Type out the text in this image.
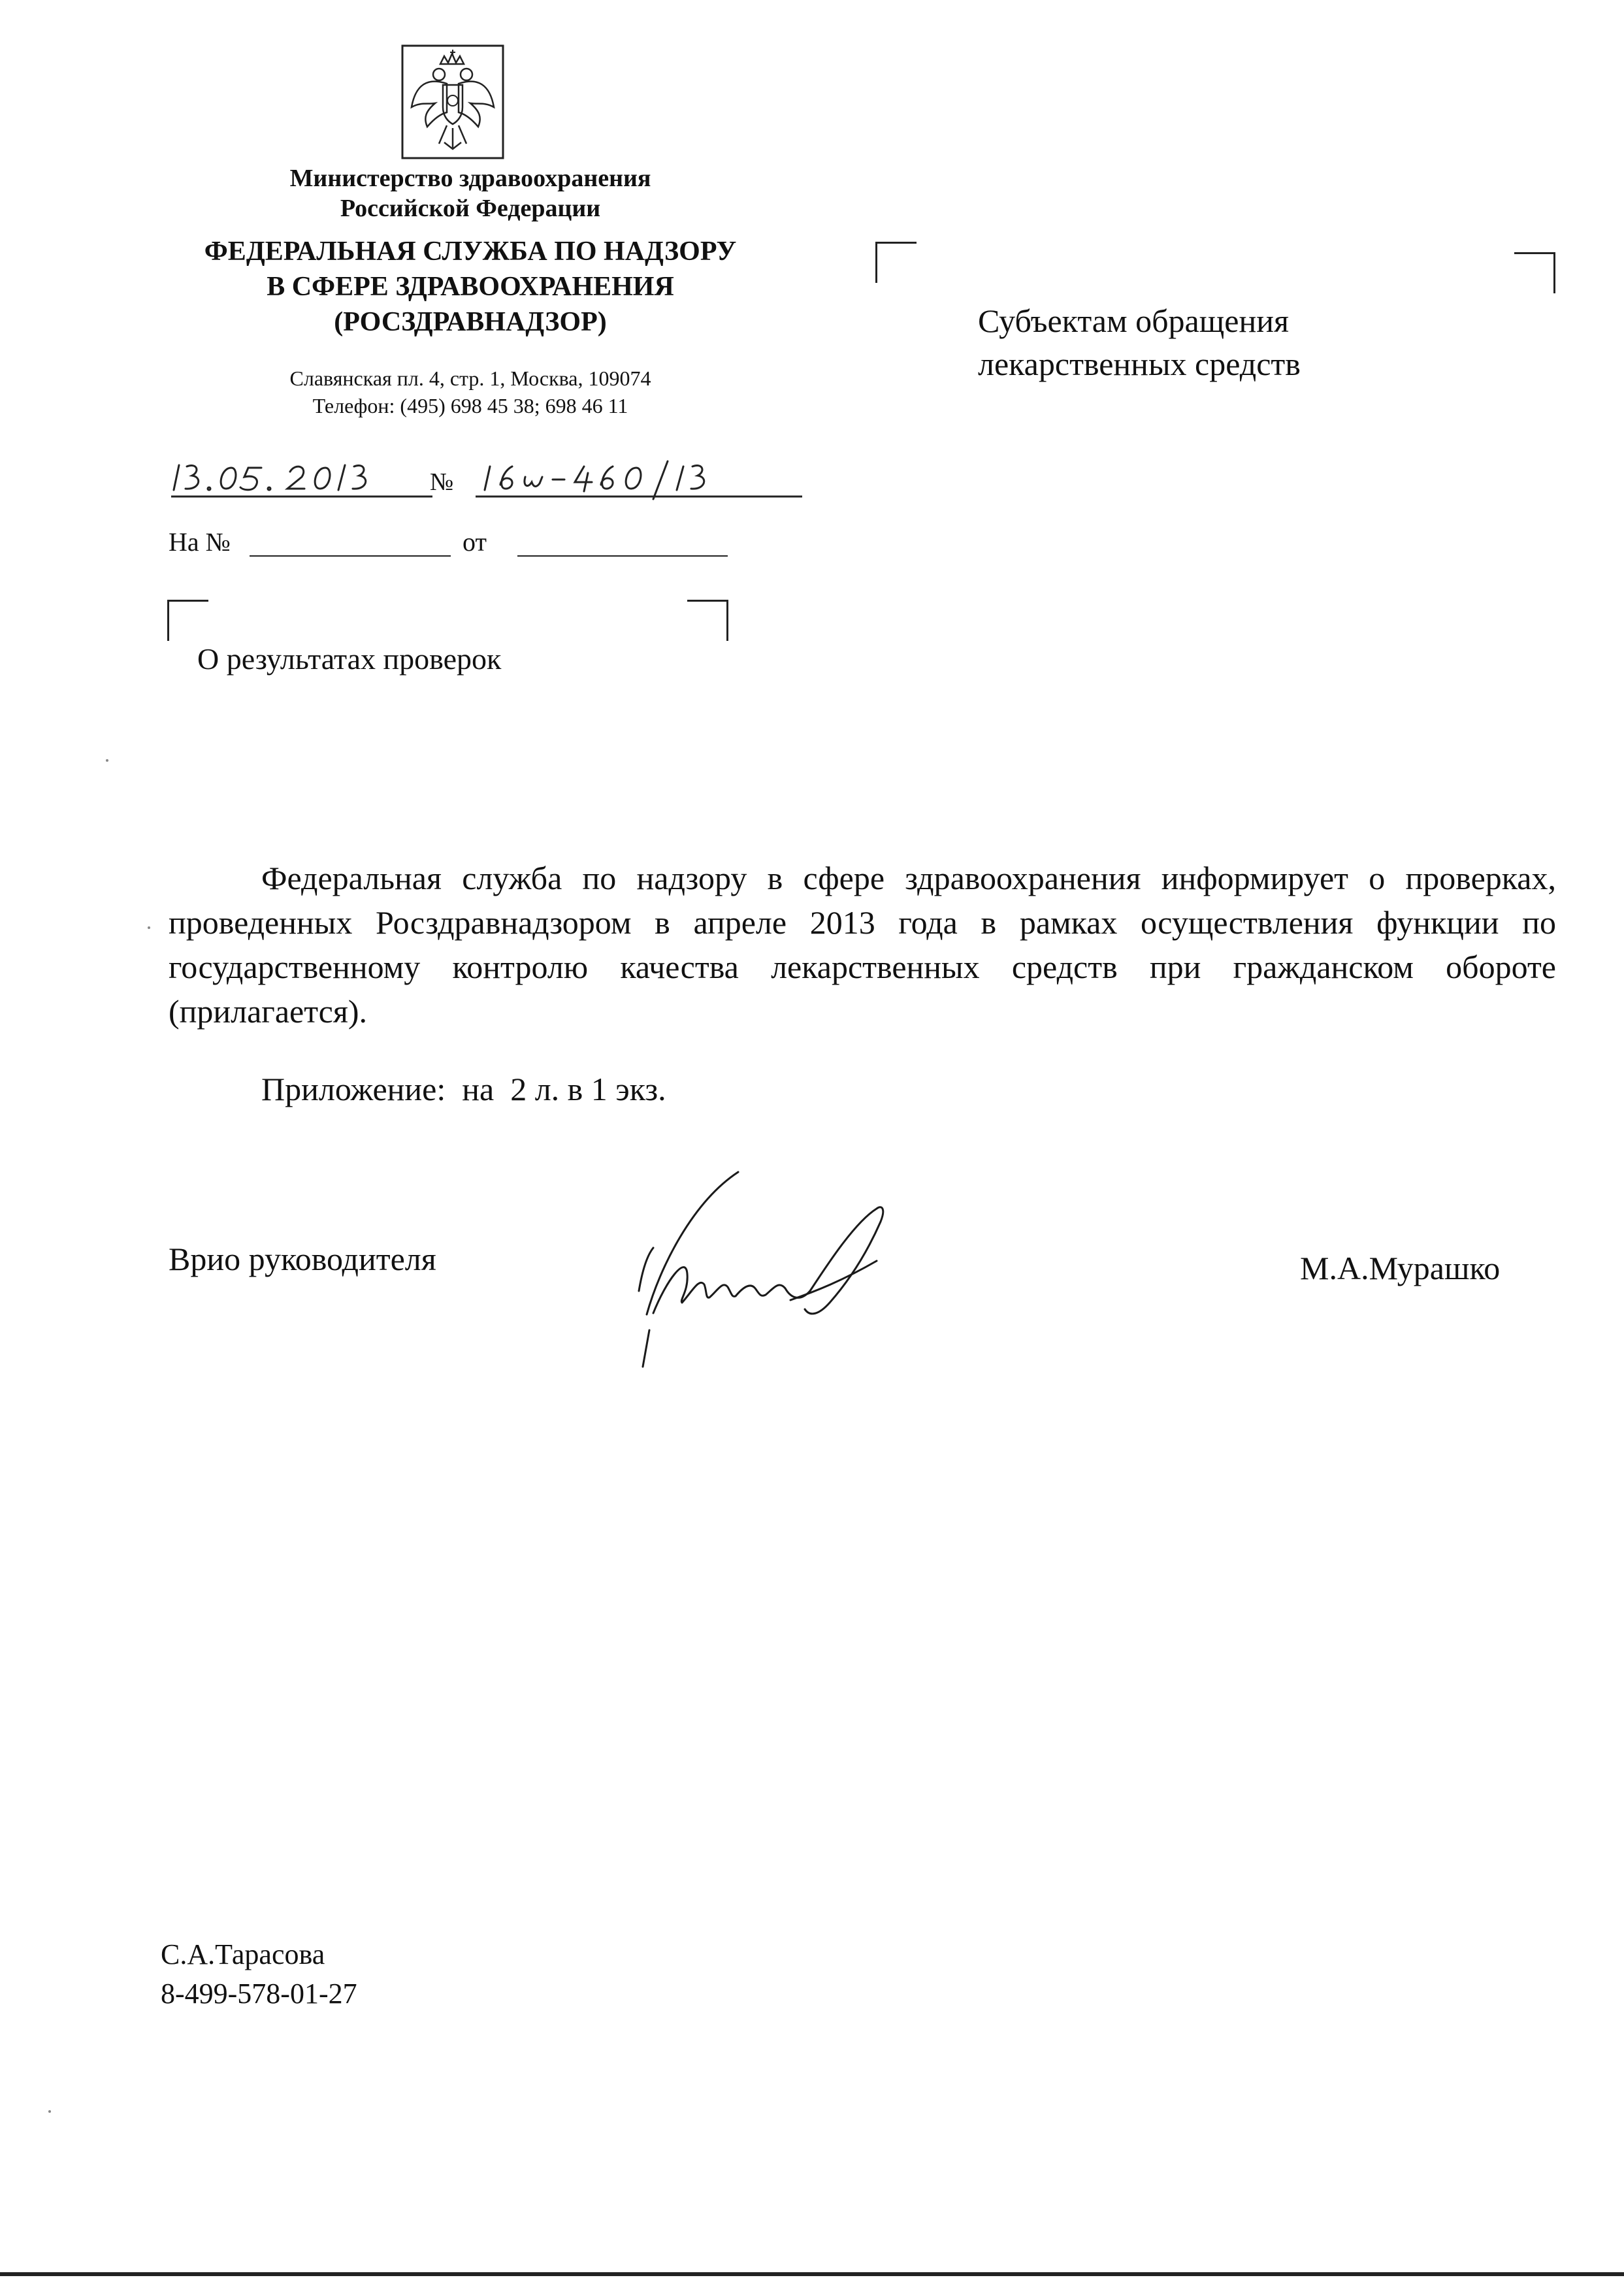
Министерство здравоохранения
Российской Федерации
ФЕДЕРАЛЬНАЯ СЛУЖБА ПО НАДЗОРУ
В СФЕРЕ ЗДРАВООХРАНЕНИЯ
(РОСЗДРАВНАДЗОР)
Славянская пл. 4, стр. 1, Москва, 109074
Телефон: (495) 698 45 38; 698 46 11
№
На №	от
О результатах проверок
Субъектам обращения
лекарственных средств
Федеральная служба по надзору в сфере здравоохранения информирует о проверках, проведенных Росздравнадзором в апреле 2013 года в рамках осуществления функции по государственному контролю качества лекарственных средств при гражданском обороте (прилагается).
Приложение:  на  2 л. в 1 экз.
Врио руководителя	М.А.Мурашко
С.А.Тарасова
8-499-578-01-27
